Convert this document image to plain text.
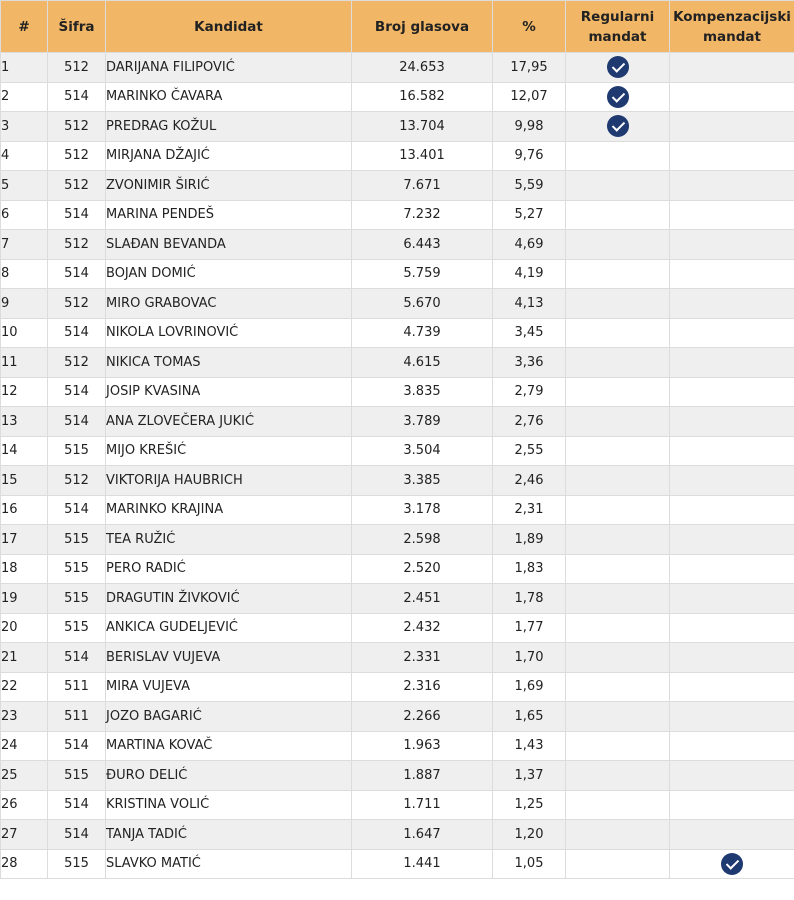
#	Šifra	Kandidat	Broj glasova	%	Regularni mandat	Kompenzacijski mandat
1	512	DARIJANA FILIPOVIĆ	24.653	17,95		
2	514	MARINKO ČAVARA	16.582	12,07		
3	512	PREDRAG KOŽUL	13.704	9,98		
4	512	MIRJANA DŽAJIĆ	13.401	9,76		
5	512	ZVONIMIR ŠIRIĆ	7.671	5,59		
6	514	MARINA PENDEŠ	7.232	5,27		
7	512	SLAĐAN BEVANDA	6.443	4,69		
8	514	BOJAN DOMIĆ	5.759	4,19		
9	512	MIRO GRABOVAC	5.670	4,13		
10	514	NIKOLA LOVRINOVIĆ	4.739	3,45		
11	512	NIKICA TOMAS	4.615	3,36		
12	514	JOSIP KVASINA	3.835	2,79		
13	514	ANA ZLOVEČERA JUKIĆ	3.789	2,76		
14	515	MIJO KREŠIĆ	3.504	2,55		
15	512	VIKTORIJA HAUBRICH	3.385	2,46		
16	514	MARINKO KRAJINA	3.178	2,31		
17	515	TEA RUŽIĆ	2.598	1,89		
18	515	PERO RADIĆ	2.520	1,83		
19	515	DRAGUTIN ŽIVKOVIĆ	2.451	1,78		
20	515	ANKICA GUDELJEVIĆ	2.432	1,77		
21	514	BERISLAV VUJEVA	2.331	1,70		
22	511	MIRA VUJEVA	2.316	1,69		
23	511	JOZO BAGARIĆ	2.266	1,65		
24	514	MARTINA KOVAČ	1.963	1,43		
25	515	ĐURO DELIĆ	1.887	1,37		
26	514	KRISTINA VOLIĆ	1.711	1,25		
27	514	TANJA TADIĆ	1.647	1,20		
28	515	SLAVKO MATIĆ	1.441	1,05		
